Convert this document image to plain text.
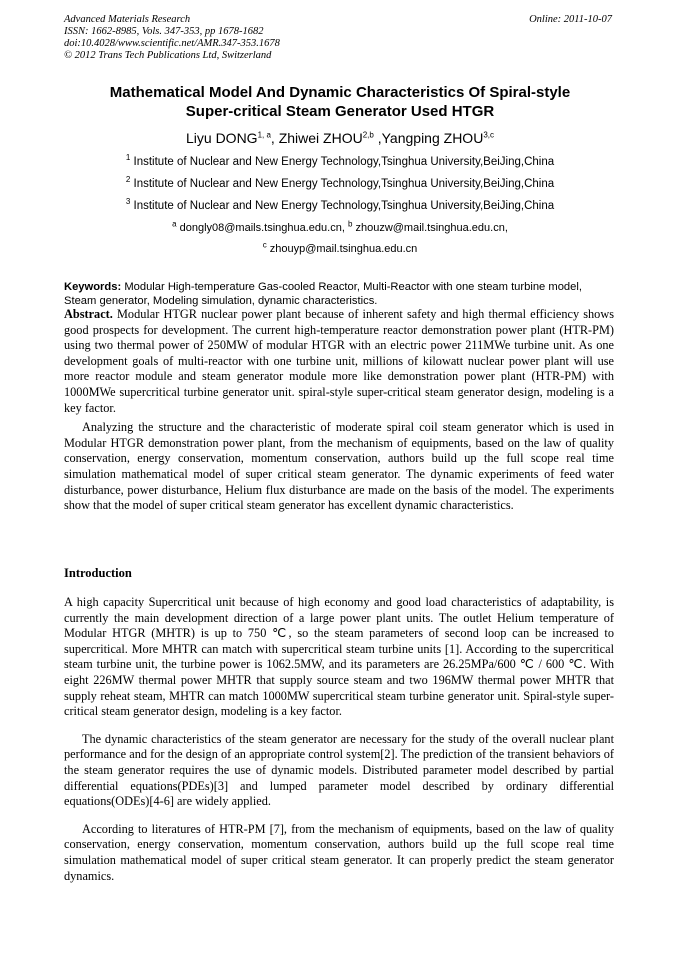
Advanced Materials Research
ISSN: 1662-8985, Vols. 347-353, pp 1678-1682
doi:10.4028/www.scientific.net/AMR.347-353.1678
© 2012 Trans Tech Publications Ltd, Switzerland
Online: 2011-10-07
Mathematical Model And Dynamic Characteristics Of Spiral-style
Super-critical Steam Generator Used HTGR
Liyu DONG$^{1, a}$, Zhiwei ZHOU$^{2,b}$ ,Yangping ZHOU$^{3,c}$
$^1$ Institute of Nuclear and New Energy Technology,Tsinghua University,BeiJing,China
$^2$ Institute of Nuclear and New Energy Technology,Tsinghua University,BeiJing,China
$^3$ Institute of Nuclear and New Energy Technology,Tsinghua University,BeiJing,China
$^a$ dongly08@mails.tsinghua.edu.cn, $^b$ zhouzw@mail.tsinghua.edu.cn,
$^c$ zhouyp@mail.tsinghua.edu.cn
Keywords: Modular High-temperature Gas-cooled Reactor, Multi-Reactor with one steam turbine model, Steam generator, Modeling simulation, dynamic characteristics.

Abstract. Modular HTGR nuclear power plant because of inherent safety and high thermal efficiency shows good prospects for development. The current high-temperature reactor demonstration power plant (HTR-PM) using two thermal power of 250MW of modular HTGR with an electric power 211MWe turbine unit. As one development goals of multi-reactor with one turbine unit, millions of kilowatt nuclear power plant will use more reactor module and steam generator module more like demonstration power plant (HTR-PM) with 1000MWe supercritical turbine generator unit. spiral-style super-critical steam generator design, modeling is a key factor.

Analyzing the structure and the characteristic of moderate spiral coil steam generator which is used in Modular HTGR demonstration power plant, from the mechanism of equipments, based on the law of quality conservation, energy conservation, momentum conservation, authors build up the full scope real time simulation mathematical model of super critical steam generator. The dynamic experiments of feed water disturbance, power disturbance, Helium flux disturbance are made on the basis of the model. The experiments show that the model of super critical steam generator has excellent dynamic characteristics.

Introduction

A high capacity Supercritical unit because of high economy and good load characteristics of adaptability, is currently the main development direction of a large power plant units. The outlet Helium temperature of Modular HTGR (MHTR) is up to 750 ℃, so the steam parameters of second loop can be increased to supercritical. More MHTR can match with supercritical steam turbine units [1]. According to the supercritical steam turbine unit, the turbine power is 1062.5MW, and its parameters are 26.25MPa/600 ℃ / 600 ℃. With eight 226MW thermal power MHTR that supply source steam and two 196MW thermal power MHTR that supply reheat steam, MHTR can match 1000MW supercritical steam turbine generator unit. Spiral-style super-critical steam generator design, modeling is a key factor.

The dynamic characteristics of the steam generator are necessary for the study of the overall nuclear plant performance and for the design of an appropriate control system[2]. The prediction of the transient behaviors of the steam generator requires the use of dynamic models. Distributed parameter model described by partial differential equations(PDEs)[3] and lumped parameter model described by ordinary differential equations(ODEs)[4-6] are widely applied.

According to literatures of HTR-PM [7], from the mechanism of equipments, based on the law of quality conservation, energy conservation, momentum conservation, authors build up the full scope real time simulation mathematical model of super critical steam generator. It can properly predict the steam generator dynamics.
